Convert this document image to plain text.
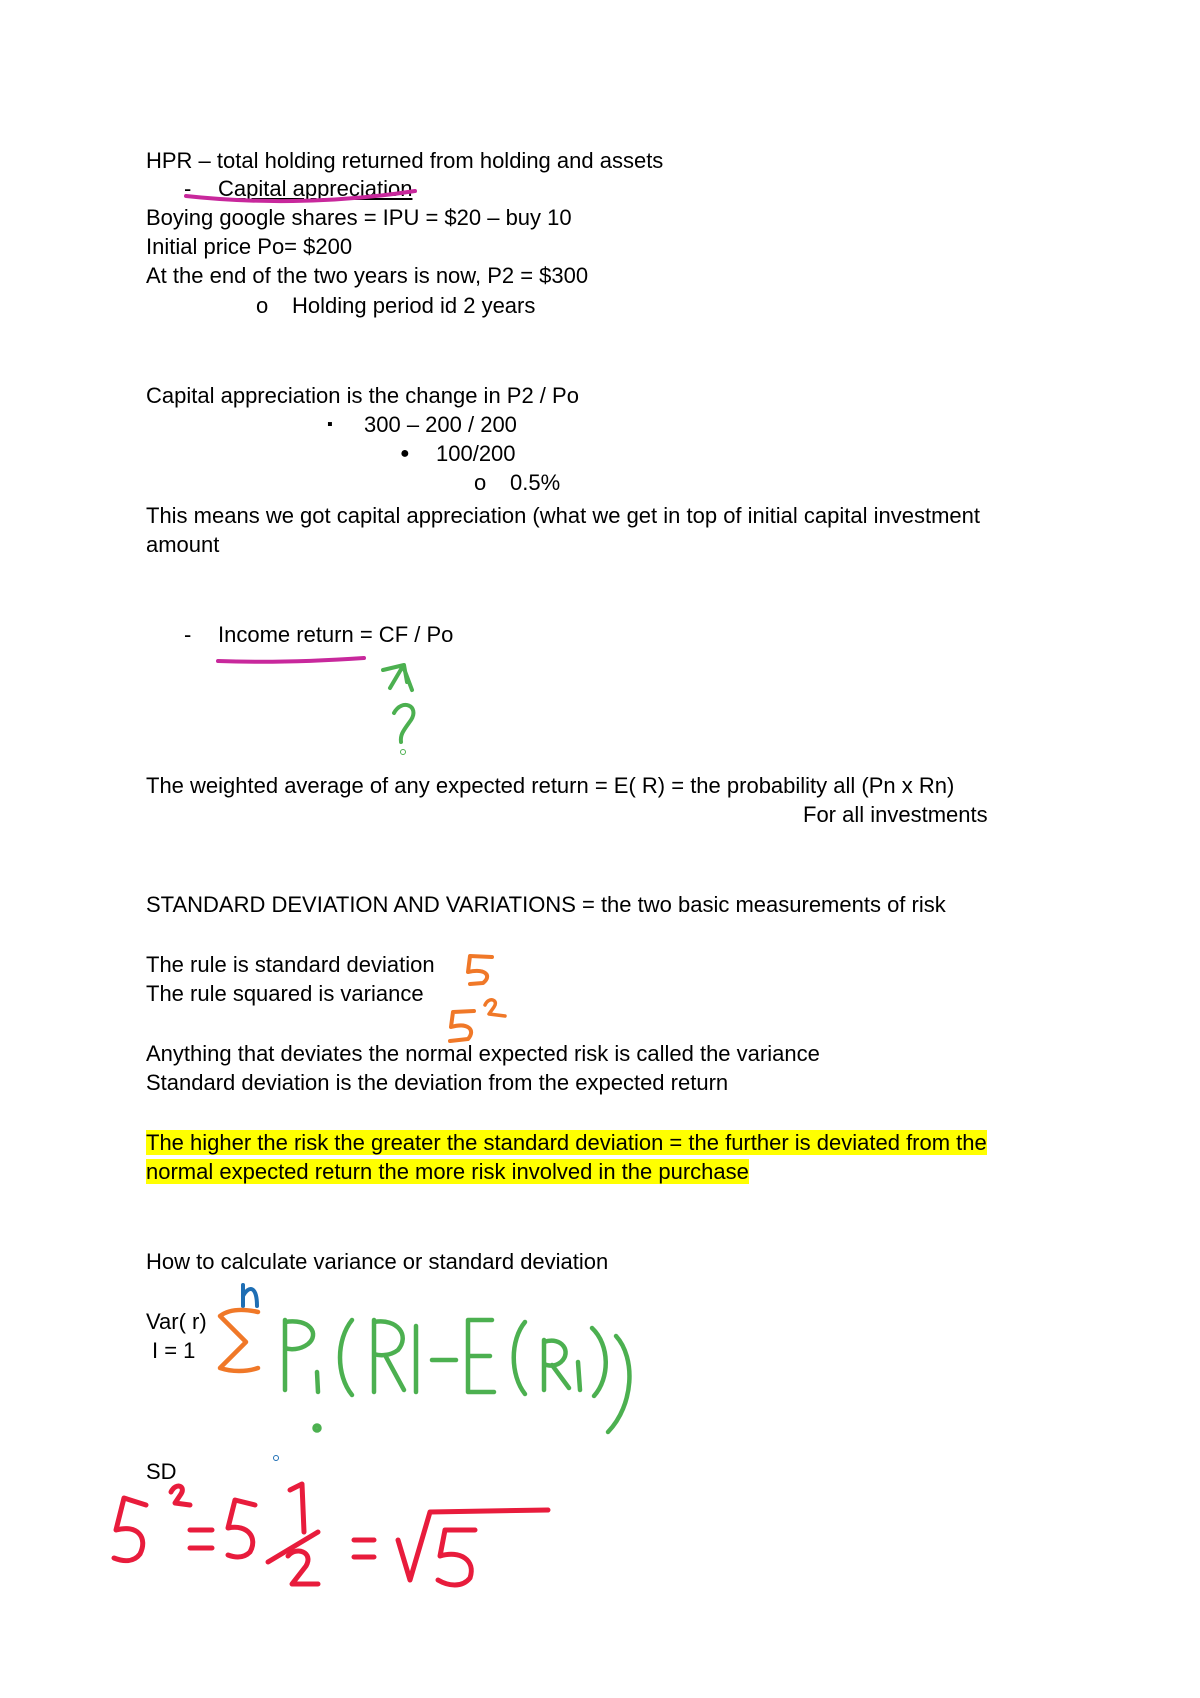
HPR – total holding returned from holding and assets
- Capital appreciation
Boying google shares = IPU = $20 – buy 10
Initial price Po= $200
At the end of the two years is now, P2 = $300
o Holding period id 2 years
Capital appreciation is the change in P2 / Po
▪ 300 – 200 / 200
● 100/200
o 0.5%
This means we got capital appreciation (what we get in top of initial capital investment
amount
- Income return = CF / Po
The weighted average of any expected return = E( R) = the probability all (Pn x Rn)
For all investments
STANDARD DEVIATION AND VARIATIONS = the two basic measurements of risk
The rule is standard deviation
The rule squared is variance
Anything that deviates the normal expected risk is called the variance
Standard deviation is the deviation from the expected return
The higher the risk the greater the standard deviation = the further is deviated from the
normal expected return the more risk involved in the purchase
How to calculate variance or standard deviation
Var( r)
I = 1
SD
